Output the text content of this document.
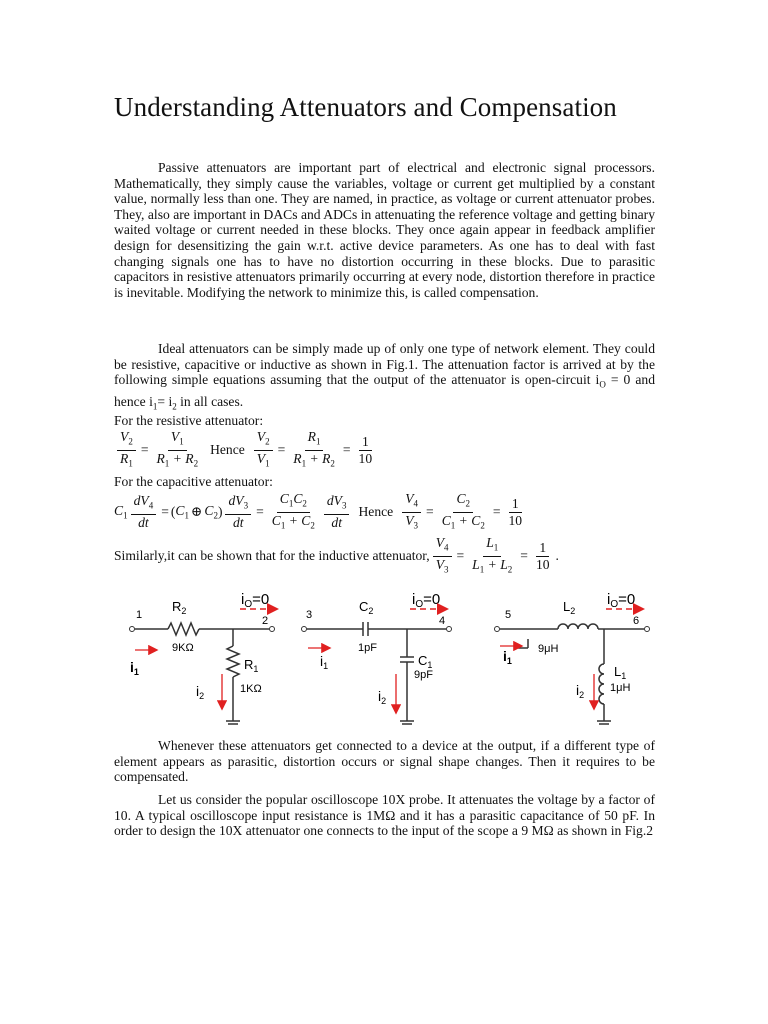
Understanding Attenuators and Compensation
Passive attenuators are important part of electrical and electronic signal processors. Mathematically, they simply cause the variables, voltage or current get multiplied by a constant value, normally less than one. They are named, in practice, as voltage or current attenuator probes. They, also are important in DACs and ADCs in attenuating the reference voltage and getting binary waited voltage or current needed in these blocks. They once again appear in feedback amplifier design for desensitizing the gain w.r.t. active device parameters. As one has to deal with fast changing signals one has to have no distortion occurring in these blocks. Due to parasitic capacitors in resistive attenuators primarily occurring at every node, distortion therefore in practice is inevitable. Modifying the network to minimize this, is called compensation.
Ideal attenuators can be simply made up of only one type of network element. They could be resistive, capacitive or inductive as shown in Fig.1. The attenuation factor is arrived at by the following simple equations assuming that the output of the attenuator is open-circuit $i_O = 0$ and hence $i_1= i_2$ in all cases.
For the resistive attenuator:
$\frac{V_2}{R_1} = \frac{V_1}{R_1 + R_2}$ Hence $\frac{V_2}{V_1} = \frac{R_1}{R_1 + R_2} = \frac{1}{10}$
For the capacitive attenuator:
$C_1 \frac{dV_4}{dt}$ = ( $C_1$ ⊕ $C_2$ ) $\frac{dV_3}{dt} = \frac{C_1C_2}{C_1 + C_2} \frac{dV_3}{dt}$ Hence $\frac{V_4}{V_3} = \frac{C_2}{C_1 + C_2} = \frac{1}{10}$
Similarly,it can be shown that for the inductive attenuator, $\frac{V_4}{V_3} = \frac{L_1}{L_1 + L_2} = \frac{1}{10}$ .
$i_O=0$
1	2
$R_2$
9KΩ
$R_1$
1KΩ
$i_1$
$i_2$
$i_O=0$
3	4
$C_2$
1pF
$C_1$
9pF
$i_1$
$i_2$
$i_O=0$
5	6
$L_2$
9μH
$L_1$
1μH
$i_1$
$i_2$
Whenever these attenuators get connected to a device at the output, if a different type of element appears as parasitic, distortion occurs or signal shape changes. Then it requires to be compensated.
Let us consider the popular oscilloscope 10X probe. It attenuates the voltage by a factor of 10. A typical oscilloscope input resistance is 1MΩ and it has a parasitic capacitance of 50 pF. In order to design the 10X attenuator one connects to the input of the scope a 9 MΩ as shown in Fig.2
